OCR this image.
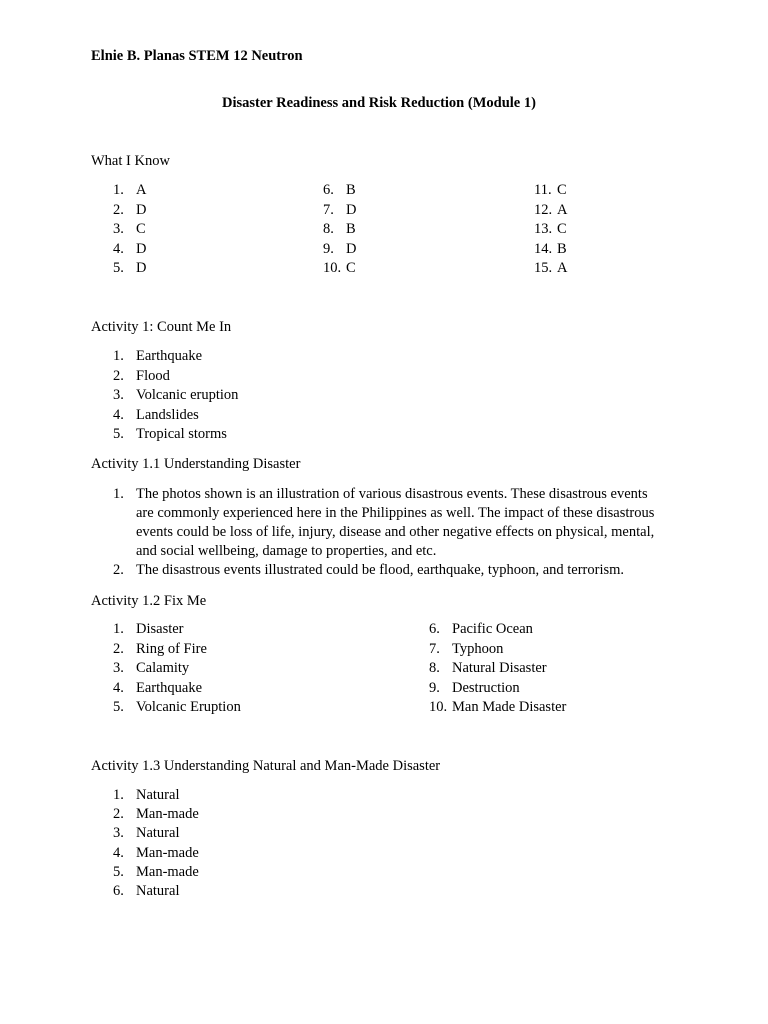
Elnie B. Planas STEM 12 Neutron
Disaster Readiness and Risk Reduction (Module 1)
What I Know
1. A
2. D
3. C
4. D
5. D
6. B
7. D
8. B
9. D
10. C
11. C
12. A
13. C
14. B
15. A
Activity 1: Count Me In
1. Earthquake
2. Flood
3. Volcanic eruption
4. Landslides
5. Tropical storms
Activity 1.1 Understanding Disaster
1. The photos shown is an illustration of various disastrous events. These disastrous events
are commonly experienced here in the Philippines as well. The impact of these disastrous
events could be loss of life, injury, disease and other negative effects on physical, mental,
and social wellbeing, damage to properties, and etc.
2. The disastrous events illustrated could be flood, earthquake, typhoon, and terrorism.
Activity 1.2 Fix Me
1. Disaster
2. Ring of Fire
3. Calamity
4. Earthquake
5. Volcanic Eruption
6. Pacific Ocean
7. Typhoon
8. Natural Disaster
9. Destruction
10. Man Made Disaster
Activity 1.3 Understanding Natural and Man-Made Disaster
1. Natural
2. Man-made
3. Natural
4. Man-made
5. Man-made
6. Natural
